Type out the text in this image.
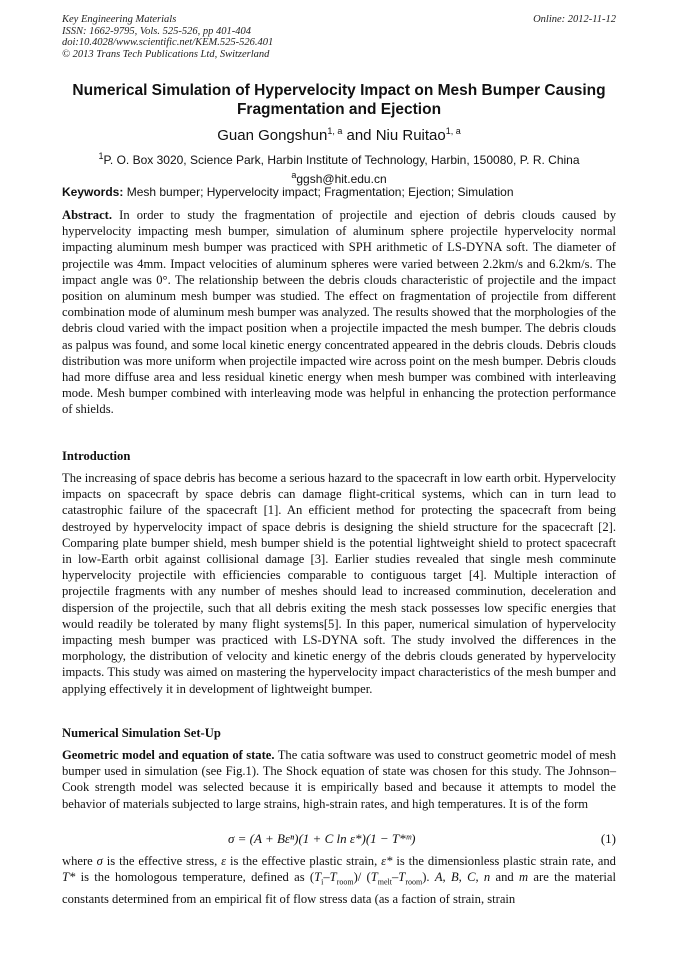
Key Engineering Materials
ISSN: 1662-9795, Vols. 525-526, pp 401-404
doi:10.4028/www.scientific.net/KEM.525-526.401
© 2013 Trans Tech Publications Ltd, Switzerland
Online: 2012-11-12
Numerical Simulation of Hypervelocity Impact on Mesh Bumper Causing
Fragmentation and Ejection
Guan Gongshun$^{1, a}$ and Niu Ruitao$^{1, a}$
$^1$P. O. Box 3020, Science Park, Harbin Institute of Technology, Harbin, 150080, P. R. China
$^a$ggsh@hit.edu.cn
Keywords: Mesh bumper; Hypervelocity impact; Fragmentation; Ejection; Simulation

Abstract. In order to study the fragmentation of projectile and ejection of debris clouds caused by hypervelocity impacting mesh bumper, simulation of aluminum sphere projectile hypervelocity normal impacting aluminum mesh bumper was practiced with SPH arithmetic of LS-DYNA soft. The diameter of projectile was 4mm. Impact velocities of aluminum spheres were varied between 2.2km/s and 6.2km/s. The impact angle was 0°. The relationship between the debris clouds characteristic of projectile and the impact position on aluminum mesh bumper was studied. The effect on fragmentation of projectile from different combination mode of aluminum mesh bumper was analyzed. The results showed that the morphologies of the debris cloud varied with the impact position when a projectile impacted the mesh bumper. The debris clouds as palpus was found, and some local kinetic energy concentrated appeared in the debris clouds. Debris clouds distribution was more uniform when projectile impacted wire across point on the mesh bumper. Debris clouds had more diffuse area and less residual kinetic energy when mesh bumper was combined with interleaving mode. Mesh bumper combined with interleaving mode was helpful in enhancing the protection performance of shields.

Introduction

The increasing of space debris has become a serious hazard to the spacecraft in low earth orbit. Hypervelocity impacts on spacecraft by space debris can damage flight-critical systems, which can in turn lead to catastrophic failure of the spacecraft [1]. An efficient method for protecting the spacecraft from being destroyed by hypervelocity impact of space debris is designing the shield structure for the spacecraft [2]. Comparing plate bumper shield, mesh bumper shield is the potential lightweight shield to protect spacecraft in low-Earth orbit against collisional damage [3]. Earlier studies revealed that single mesh comminute hypervelocity projectile with efficiencies comparable to contiguous target [4]. Multiple interaction of projectile fragments with any number of meshes should lead to increased comminution, deceleration and dispersion of the projectile, such that all debris exiting the mesh stack possesses low specific energies that would readily be tolerated by many flight systems[5]. In this paper, numerical simulation of hypervelocity impacting mesh bumper was practiced with LS-DYNA soft. The study involved the differences in the morphology, the distribution of velocity and kinetic energy of the debris clouds generated by hypervelocity impacts. This study was aimed on mastering the hypervelocity impact characteristics of the mesh bumper and applying effectively it in development of lightweight bumper.

Numerical Simulation Set-Up

Geometric model and equation of state. The catia software was used to construct geometric model of mesh bumper used in simulation (see Fig.1). The Shock equation of state was chosen for this study. The Johnson–Cook strength model was selected because it is empirically based and because it attempts to model the behavior of materials subjected to large strains, high-strain rates, and high temperatures. It is of the form

σ = (A + Bεⁿ)(1 + C ln ε*)(1 − T*ᵐ)	(1)

where σ is the effective stress, ε is the effective plastic strain, ε* is the dimensionless plastic strain rate, and T* is the homologous temperature, defined as $(T_i-T_{room})/$ $(T_{melt}-T_{room})$. A, B, C, n and m are the material constants determined from an empirical fit of flow stress data (as a faction of strain, strain
